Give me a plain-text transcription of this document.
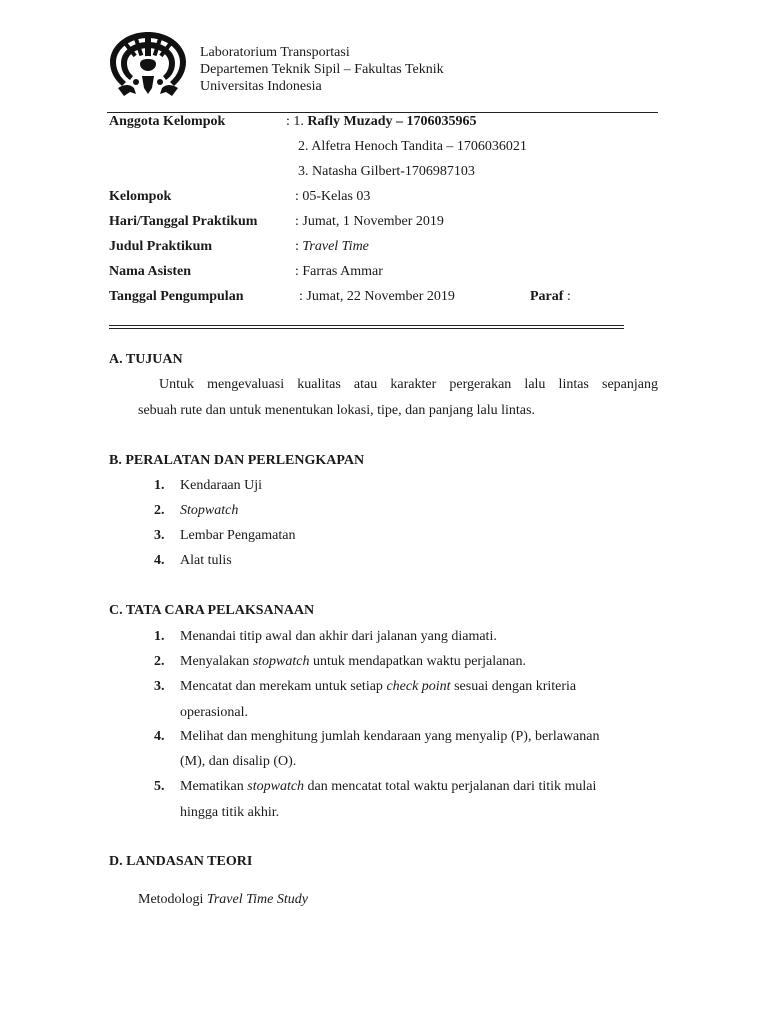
Laboratorium Transportasi
Departemen Teknik Sipil – Fakultas Teknik
Universitas Indonesia
Anggota Kelompok	: 1. Rafly Muzady – 1706035965
2. Alfetra Henoch Tandita – 1706036021
3. Natasha Gilbert-1706987103
Kelompok	: 05-Kelas 03
Hari/Tanggal Praktikum	: Jumat, 1 November 2019
Judul Praktikum	: Travel Time
Nama Asisten	: Farras Ammar
Tanggal Pengumpulan	: Jumat, 22 November 2019	Paraf :
A. TUJUAN
Untuk mengevaluasi kualitas atau karakter pergerakan lalu lintas sepanjang
sebuah rute dan untuk menentukan lokasi, tipe, dan panjang lalu lintas.
B. PERALATAN DAN PERLENGKAPAN
1. Kendaraan Uji
2. Stopwatch
3. Lembar Pengamatan
4. Alat tulis
C. TATA CARA PELAKSANAAN
1. Menandai titip awal dan akhir dari jalanan yang diamati.
2. Menyalakan stopwatch untuk mendapatkan waktu perjalanan.
3. Mencatat dan merekam untuk setiap check point sesuai dengan kriteria
operasional.
4. Melihat dan menghitung jumlah kendaraan yang menyalip (P), berlawanan
(M), dan disalip (O).
5. Mematikan stopwatch dan mencatat total waktu perjalanan dari titik mulai
hingga titik akhir.
D. LANDASAN TEORI
Metodologi Travel Time Study
